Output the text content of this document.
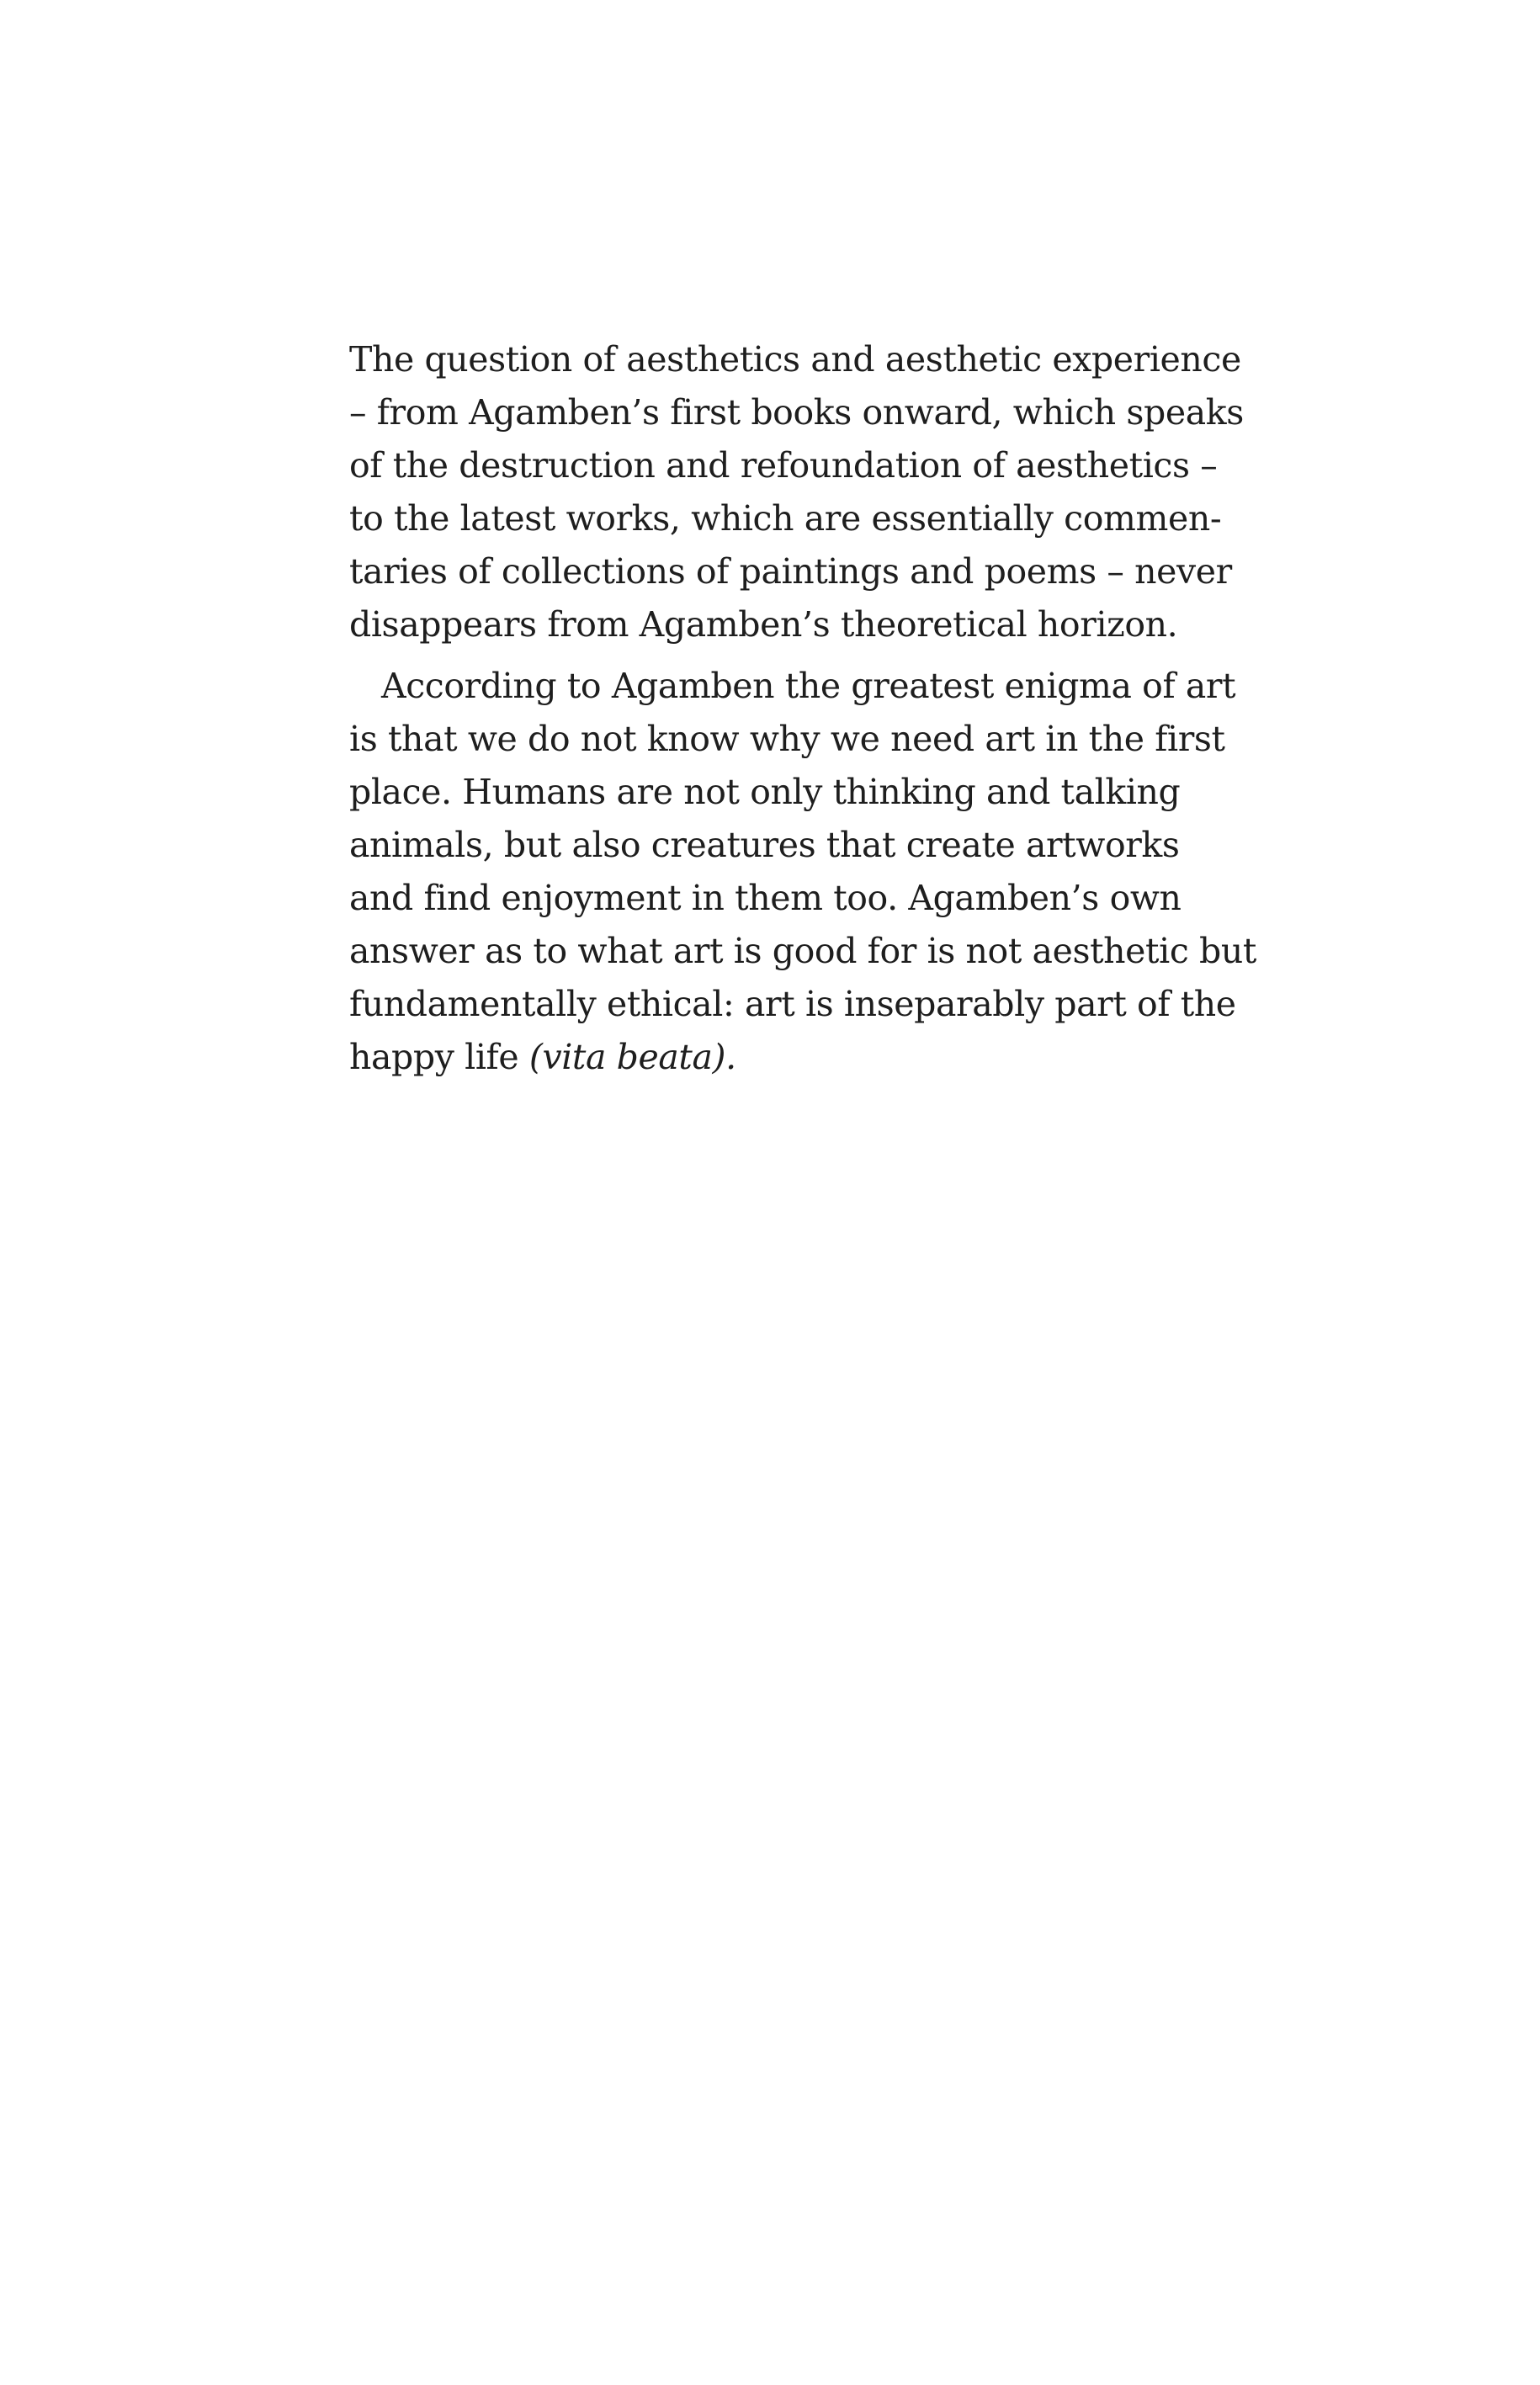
The question of aesthetics and aesthetic experience
– from Agamben’s first books onward, which speaks
of the destruction and refoundation of aesthetics –
to the latest works, which are essentially commen-
taries of collections of paintings and poems – never
disappears from Agamben’s theoretical horizon.
According to Agamben the greatest enigma of art
is that we do not know why we need art in the first
place. Humans are not only thinking and talking
animals, but also creatures that create artworks
and find enjoyment in them too. Agamben’s own
answer as to what art is good for is not aesthetic but
fundamentally ethical: art is inseparably part of the
happy life (vita beata).
